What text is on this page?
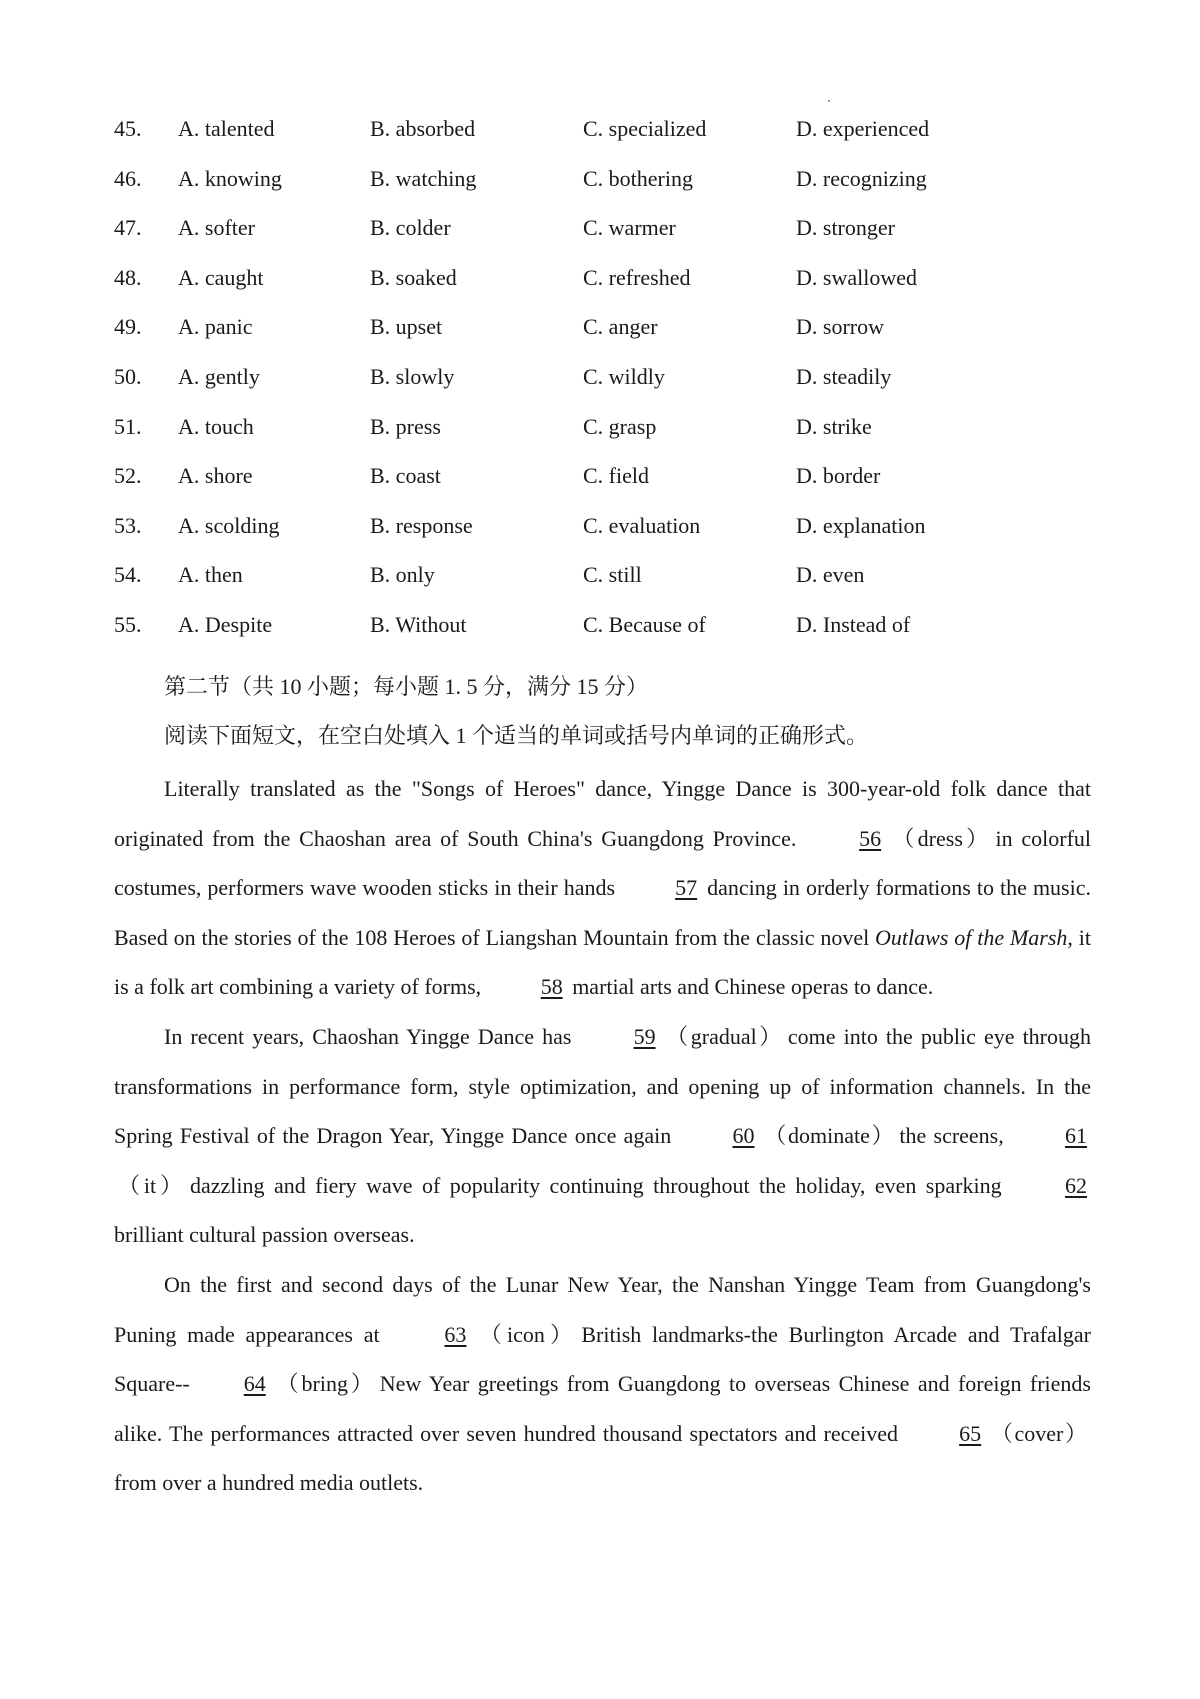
45. A. talented	B. absorbed	C. specialized	D. experienced
46. A. knowing	B. watching	C. bothering	D. recognizing
47. A. softer	B. colder	C. warmer	D. stronger
48. A. caught	B. soaked	C. refreshed	D. swallowed
49. A. panic	B. upset	C. anger	D. sorrow
50. A. gently	B. slowly	C. wildly	D. steadily
51. A. touch	B. press	C. grasp	D. strike
52. A. shore	B. coast	C. field	D. border
53. A. scolding	B. response	C. evaluation	D. explanation
54. A. then	B. only	C. still	D. even
55. A. Despite	B. Without	C. Because of	D. Instead of
第二节（共 10 小题；每小题 1. 5 分，满分 15 分）
阅读下面短文，在空白处填入 1 个适当的单词或括号内单词的正确形式。

Literally translated as the "Songs of Heroes" dance, Yingge Dance is 300-year-old folk dance that originated from the Chaoshan area of South China's Guangdong Province. 56 （dress） in colorful costumes, performers wave wooden sticks in their hands 57 dancing in orderly formations to the music. Based on the stories of the 108 Heroes of Liangshan Mountain from the classic novel Outlaws of the Marsh, it is a folk art combining a variety of forms, 58 martial arts and Chinese operas to dance.

In recent years, Chaoshan Yingge Dance has 59 （gradual） come into the public eye through transformations in performance form, style optimization, and opening up of information channels. In the Spring Festival of the Dragon Year, Yingge Dance once again 60 （dominate） the screens, 61（it） dazzling and fiery wave of popularity continuing throughout the holiday, even sparking 62 brilliant cultural passion overseas.

On the first and second days of the Lunar New Year, the Nanshan Yingge Team from Guangdong's Puning made appearances at 63 （icon） British landmarks-the Burlington Arcade and Trafalgar Square-- 64 （bring） New Year greetings from Guangdong to overseas Chinese and foreign friends alike. The performances attracted over seven hundred thousand spectators and received 65 （cover）from over a hundred media outlets.
